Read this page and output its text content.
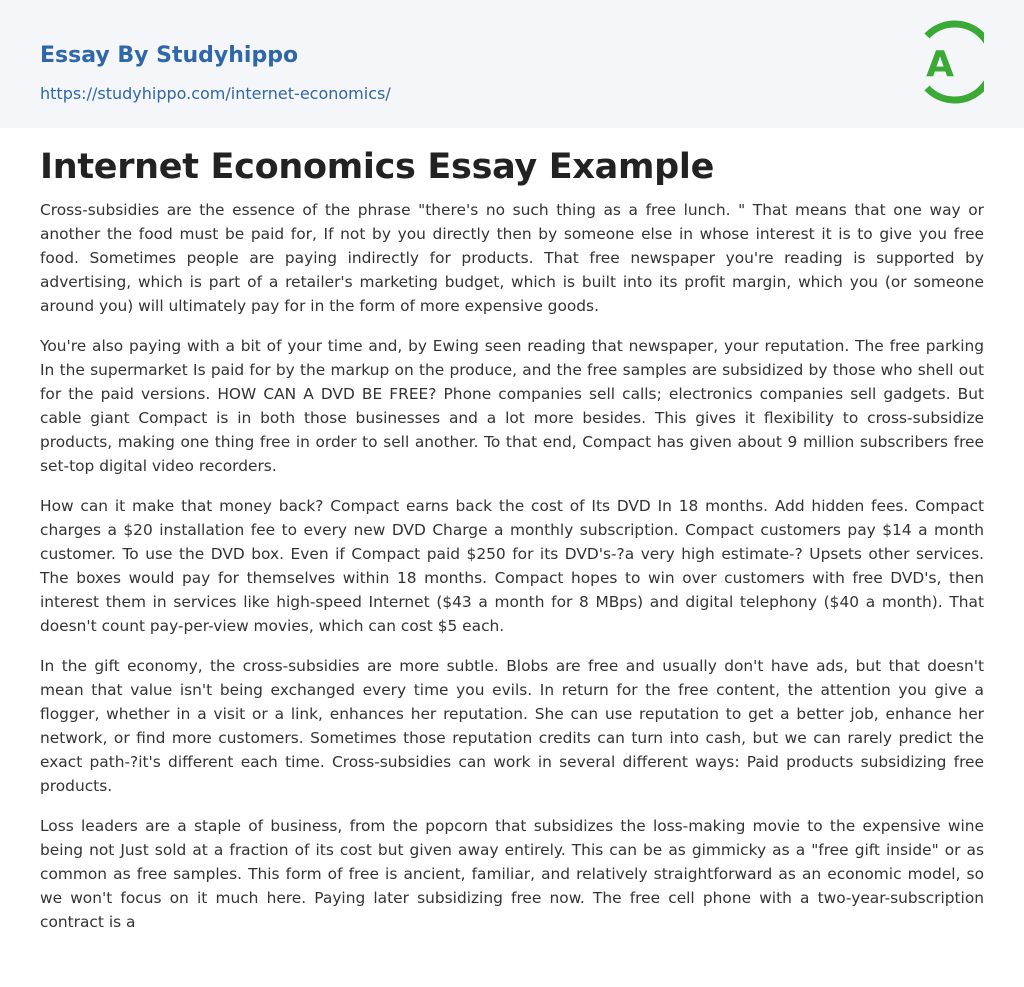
Essay By Studyhippo
https://studyhippo.com/internet-economics/
A
Internet Economics Essay Example

Cross-subsidies are the essence of the phrase "there's no such thing as a free lunch. " That means that one way or another the food must be paid for, If not by you directly then by someone else in whose interest it is to give you free food. Sometimes people are paying indirectly for products. That free newspaper you're reading is supported by advertising, which is part of a retailer's marketing budget, which is built into its profit margin, which you (or someone around you) will ultimately pay for in the form of more expensive goods.

You're also paying with a bit of your time and, by Ewing seen reading that newspaper, your reputation. The free parking In the supermarket Is paid for by the markup on the produce, and the free samples are subsidized by those who shell out for the paid versions. HOW CAN A DVD BE FREE? Phone companies sell calls; electronics companies sell gadgets. But cable giant Compact is in both those businesses and a lot more besides. This gives it flexibility to cross-subsidize products, making one thing free in order to sell another. To that end, Compact has given about 9 million subscribers free set-top digital video recorders.

How can it make that money back? Compact earns back the cost of Its DVD In 18 months. Add hidden fees. Compact charges a $20 installation fee to every new DVD Charge a monthly subscription. Compact customers pay $14 a month customer. To use the DVD box. Even if Compact paid $250 for its DVD's-?a very high estimate-? Upsets other services. The boxes would pay for themselves within 18 months. Compact hopes to win over customers with free DVD's, then interest them in services like high-speed Internet ($43 a month for 8 MBps) and digital telephony ($40 a month). That doesn't count pay-per-view movies, which can cost $5 each.

In the gift economy, the cross-subsidies are more subtle. Blobs are free and usually don't have ads, but that doesn't mean that value isn't being exchanged every time you evils. In return for the free content, the attention you give a flogger, whether in a visit or a link, enhances her reputation. She can use reputation to get a better job, enhance her network, or find more customers. Sometimes those reputation credits can turn into cash, but we can rarely predict the exact path-?it's different each time. Cross-subsidies can work in several different ways: Paid products subsidizing free products.

Loss leaders are a staple of business, from the popcorn that subsidizes the loss-making movie to the expensive wine being not Just sold at a fraction of its cost but given away entirely. This can be as gimmicky as a "free gift inside" or as common as free samples. This form of free is ancient, familiar, and relatively straightforward as an economic model, so we won't focus on it much here. Paying later subsidizing free now. The free cell phone with a two-year-subscription contract is a
